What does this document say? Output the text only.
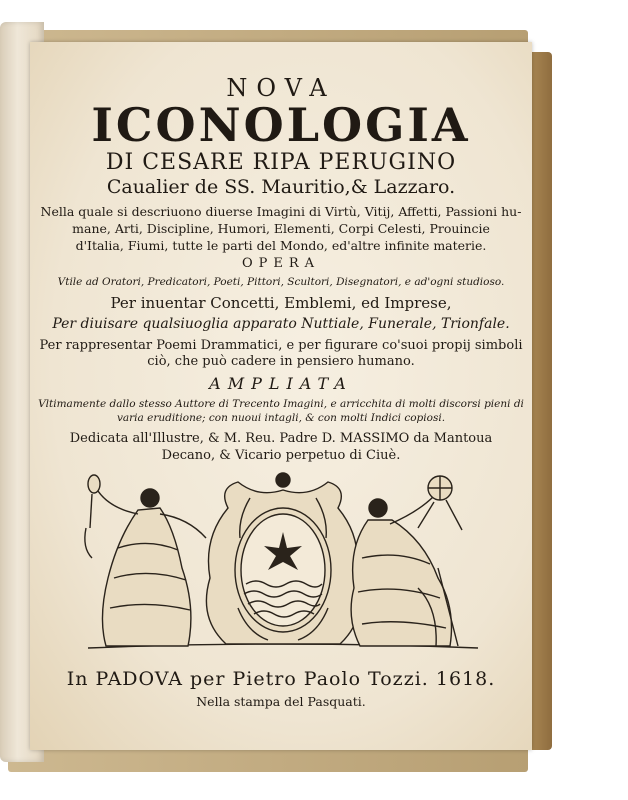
NOVA
ICONOLOGIA
DI CESARE RIPA PERUGINO
Caualier de SS. Mauritio,& Lazzaro.
Nella quale si descriuono diuerse Imagini di Virtù, Vitij, Affetti, Passioni hu-
mane, Arti, Discipline, Humori, Elementi, Corpi Celesti, Prouincie
d'Italia, Fiumi, tutte le parti del Mondo, ed'altre infinite materie.
OPERA
Vtile ad Oratori, Predicatori, Poeti, Pittori, Scultori, Disegnatori, e ad'ogni studioso.
Per inuentar Concetti, Emblemi, ed Imprese,
Per diuisare qualsiuoglia apparato Nuttiale, Funerale, Trionfale.
Per rappresentar Poemi Drammatici, e per figurare co'suoi propij simboli
ciò, che può cadere in pensiero humano.
AMPLIATA
Vltimamente dallo stesso Auttore di Trecento Imagini, e arricchita di molti discorsi pieni di
varia eruditione; con nuoui intagli, & con molti Indici copiosi.
Dedicata all'Illustre, & M. Reu. Padre D. MASSIMO da Mantoua
Decano, & Vicario perpetuo di Ciuè.
In PADOVA per Pietro Paolo Tozzi. 1618.
Nella stampa del Pasquati.
